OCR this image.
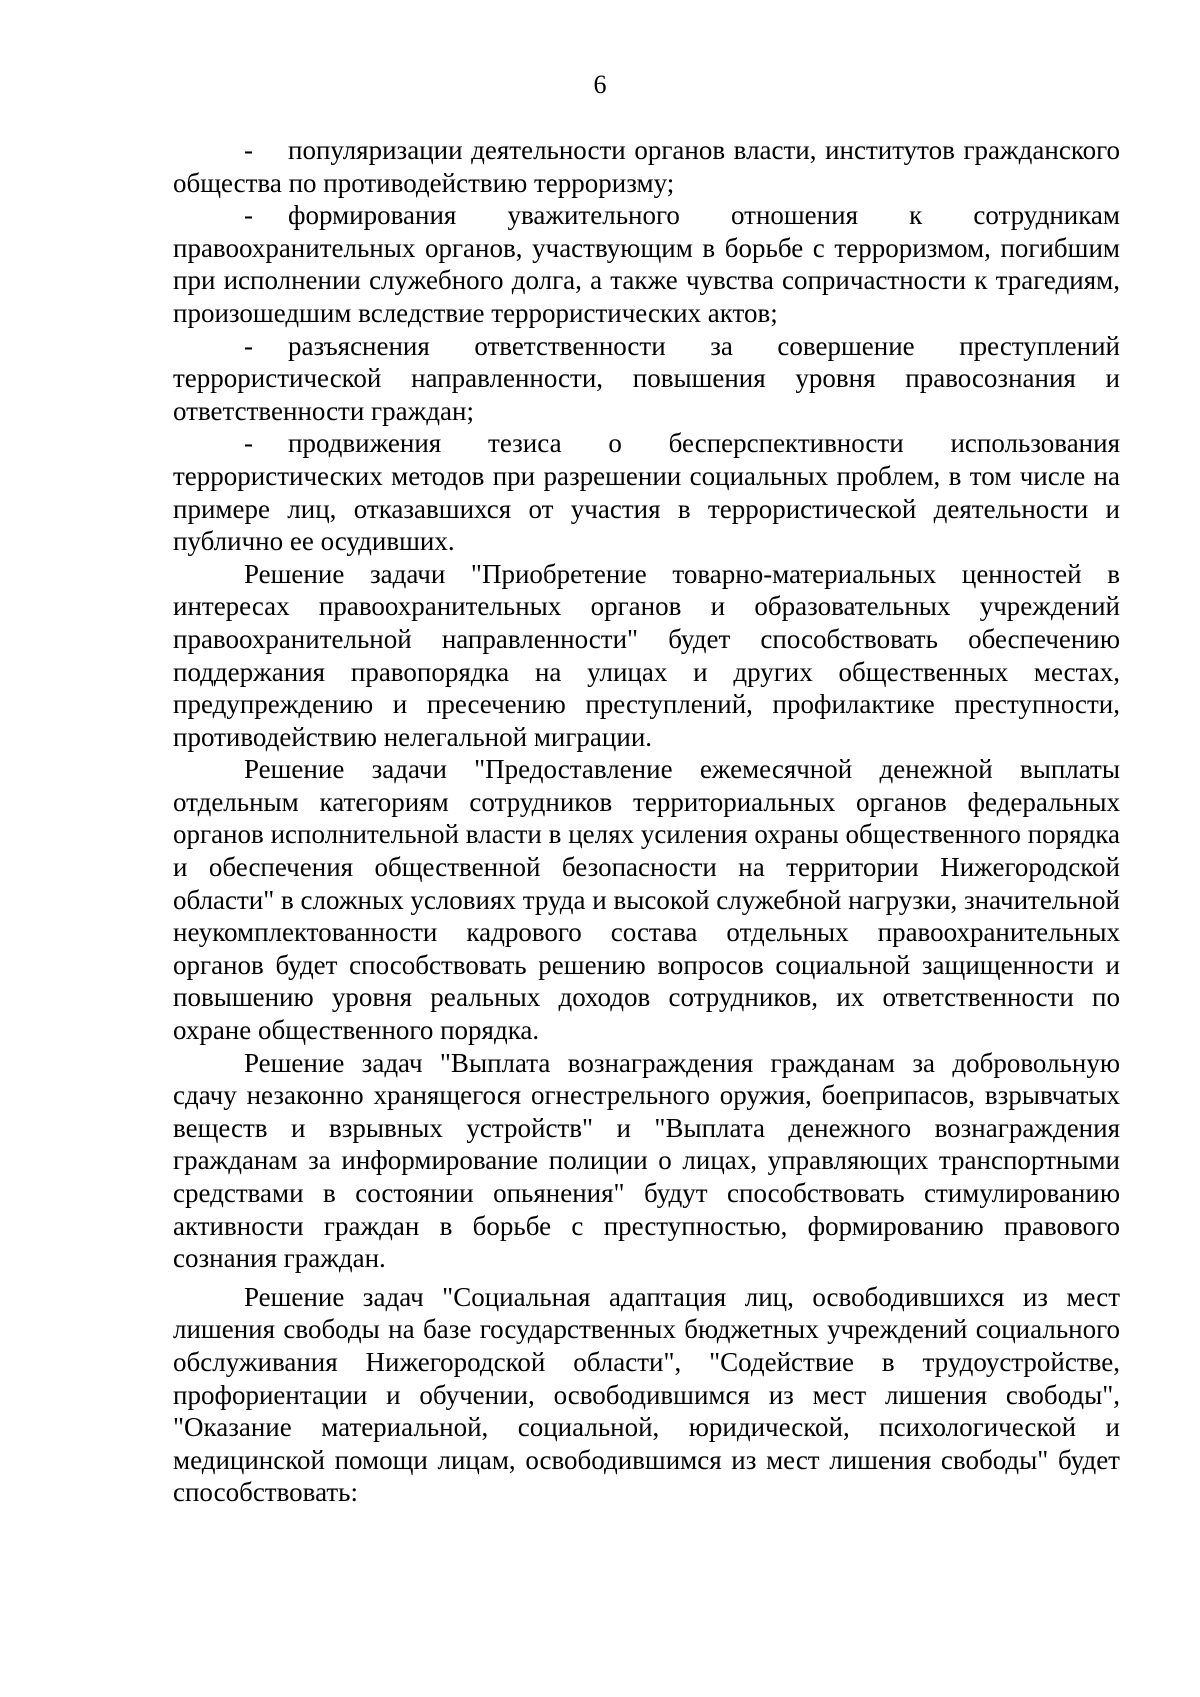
6

- популяризации деятельности органов власти, институтов гражданского общества по противодействию терроризму;

- формирования уважительного отношения к сотрудникам правоохранительных органов, участвующим в борьбе с терроризмом, погибшим при исполнении служебного долга, а также чувства сопричастности к трагедиям, произошедшим вследствие террористических актов;

- разъяснения ответственности за совершение преступлений террористической направленности, повышения уровня правосознания и ответственности граждан;

- продвижения тезиса о бесперспективности использования террористических методов при разрешении социальных проблем, в том числе на примере лиц, отказавшихся от участия в террористической деятельности и публично ее осудивших.

Решение задачи "Приобретение товарно-материальных ценностей в интересах правоохранительных органов и образовательных учреждений правоохранительной направленности" будет способствовать обеспечению поддержания правопорядка на улицах и других общественных местах, предупреждению и пресечению преступлений, профилактике преступности, противодействию нелегальной миграции.

Решение задачи "Предоставление ежемесячной денежной выплаты отдельным категориям сотрудников территориальных органов федеральных органов исполнительной власти в целях усиления охраны общественного порядка и обеспечения общественной безопасности на территории Нижегородской области" в сложных условиях труда и высокой служебной нагрузки, значительной неукомплектованности кадрового состава отдельных правоохранительных органов будет способствовать решению вопросов социальной защищенности и повышению уровня реальных доходов сотрудников, их ответственности по охране общественного порядка.

Решение задач "Выплата вознаграждения гражданам за добровольную сдачу незаконно хранящегося огнестрельного оружия, боеприпасов, взрывчатых веществ и взрывных устройств" и "Выплата денежного вознаграждения гражданам за информирование полиции о лицах, управляющих транспортными средствами в состоянии опьянения" будут способствовать стимулированию активности граждан в борьбе с преступностью, формированию правового сознания граждан.

Решение задач "Социальная адаптация лиц, освободившихся из мест лишения свободы на базе государственных бюджетных учреждений социального обслуживания Нижегородской области", "Содействие в трудоустройстве, профориентации и обучении, освободившимся из мест лишения свободы", "Оказание материальной, социальной, юридической, психологической и медицинской помощи лицам, освободившимся из мест лишения свободы" будет способствовать:
